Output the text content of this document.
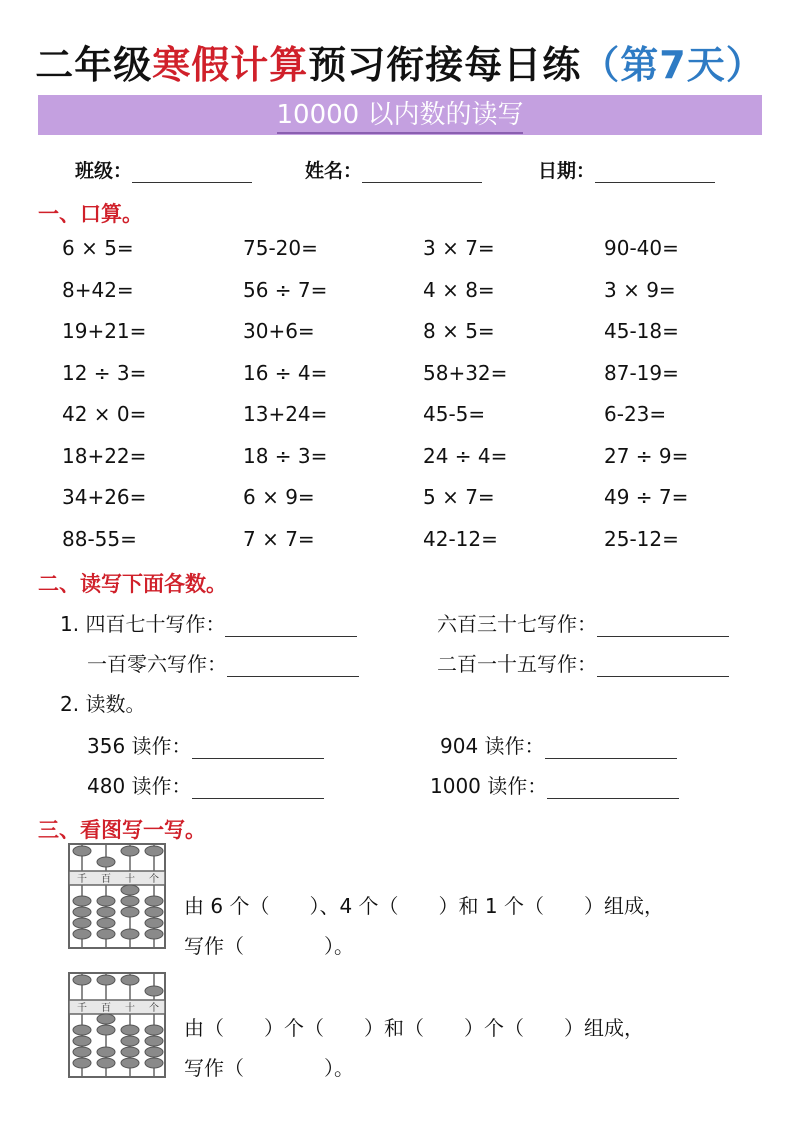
二年级寒假计算预习衔接每日练（第7天）
10000 以内数的读写
班级：	姓名：	日期：
一、口算。
6 × 5=	75-20=	3 × 7=	90-40=
8+42=	56 ÷ 7=	4 × 8=	3 × 9=
19+21=	30+6=	8 × 5=	45-18=
12 ÷ 3=	16 ÷ 4=	58+32=	87-19=
42 × 0=	13+24=	45-5=	6-23=
18+22=	18 ÷ 3=	24 ÷ 4=	27 ÷ 9=
34+26=	6 × 9=	5 × 7=	49 ÷ 7=
88-55=	7 × 7=	42-12=	25-12=
二、读写下面各数。
1. 四百七十写作：	六百三十七写作：
一百零六写作：	二百一十五写作：
2. 读数。
356 读作：	904 读作：
480 读作：	1000 读作：
三、看图写一写。
千 百 十 个
由 6 个（　　）、4 个（　　）和 1 个（　　）组成，
写作（　　　　）。
千 百 十 个
由（　　）个（　　）和（　　）个（　　）组成，
写作（　　　　）。
